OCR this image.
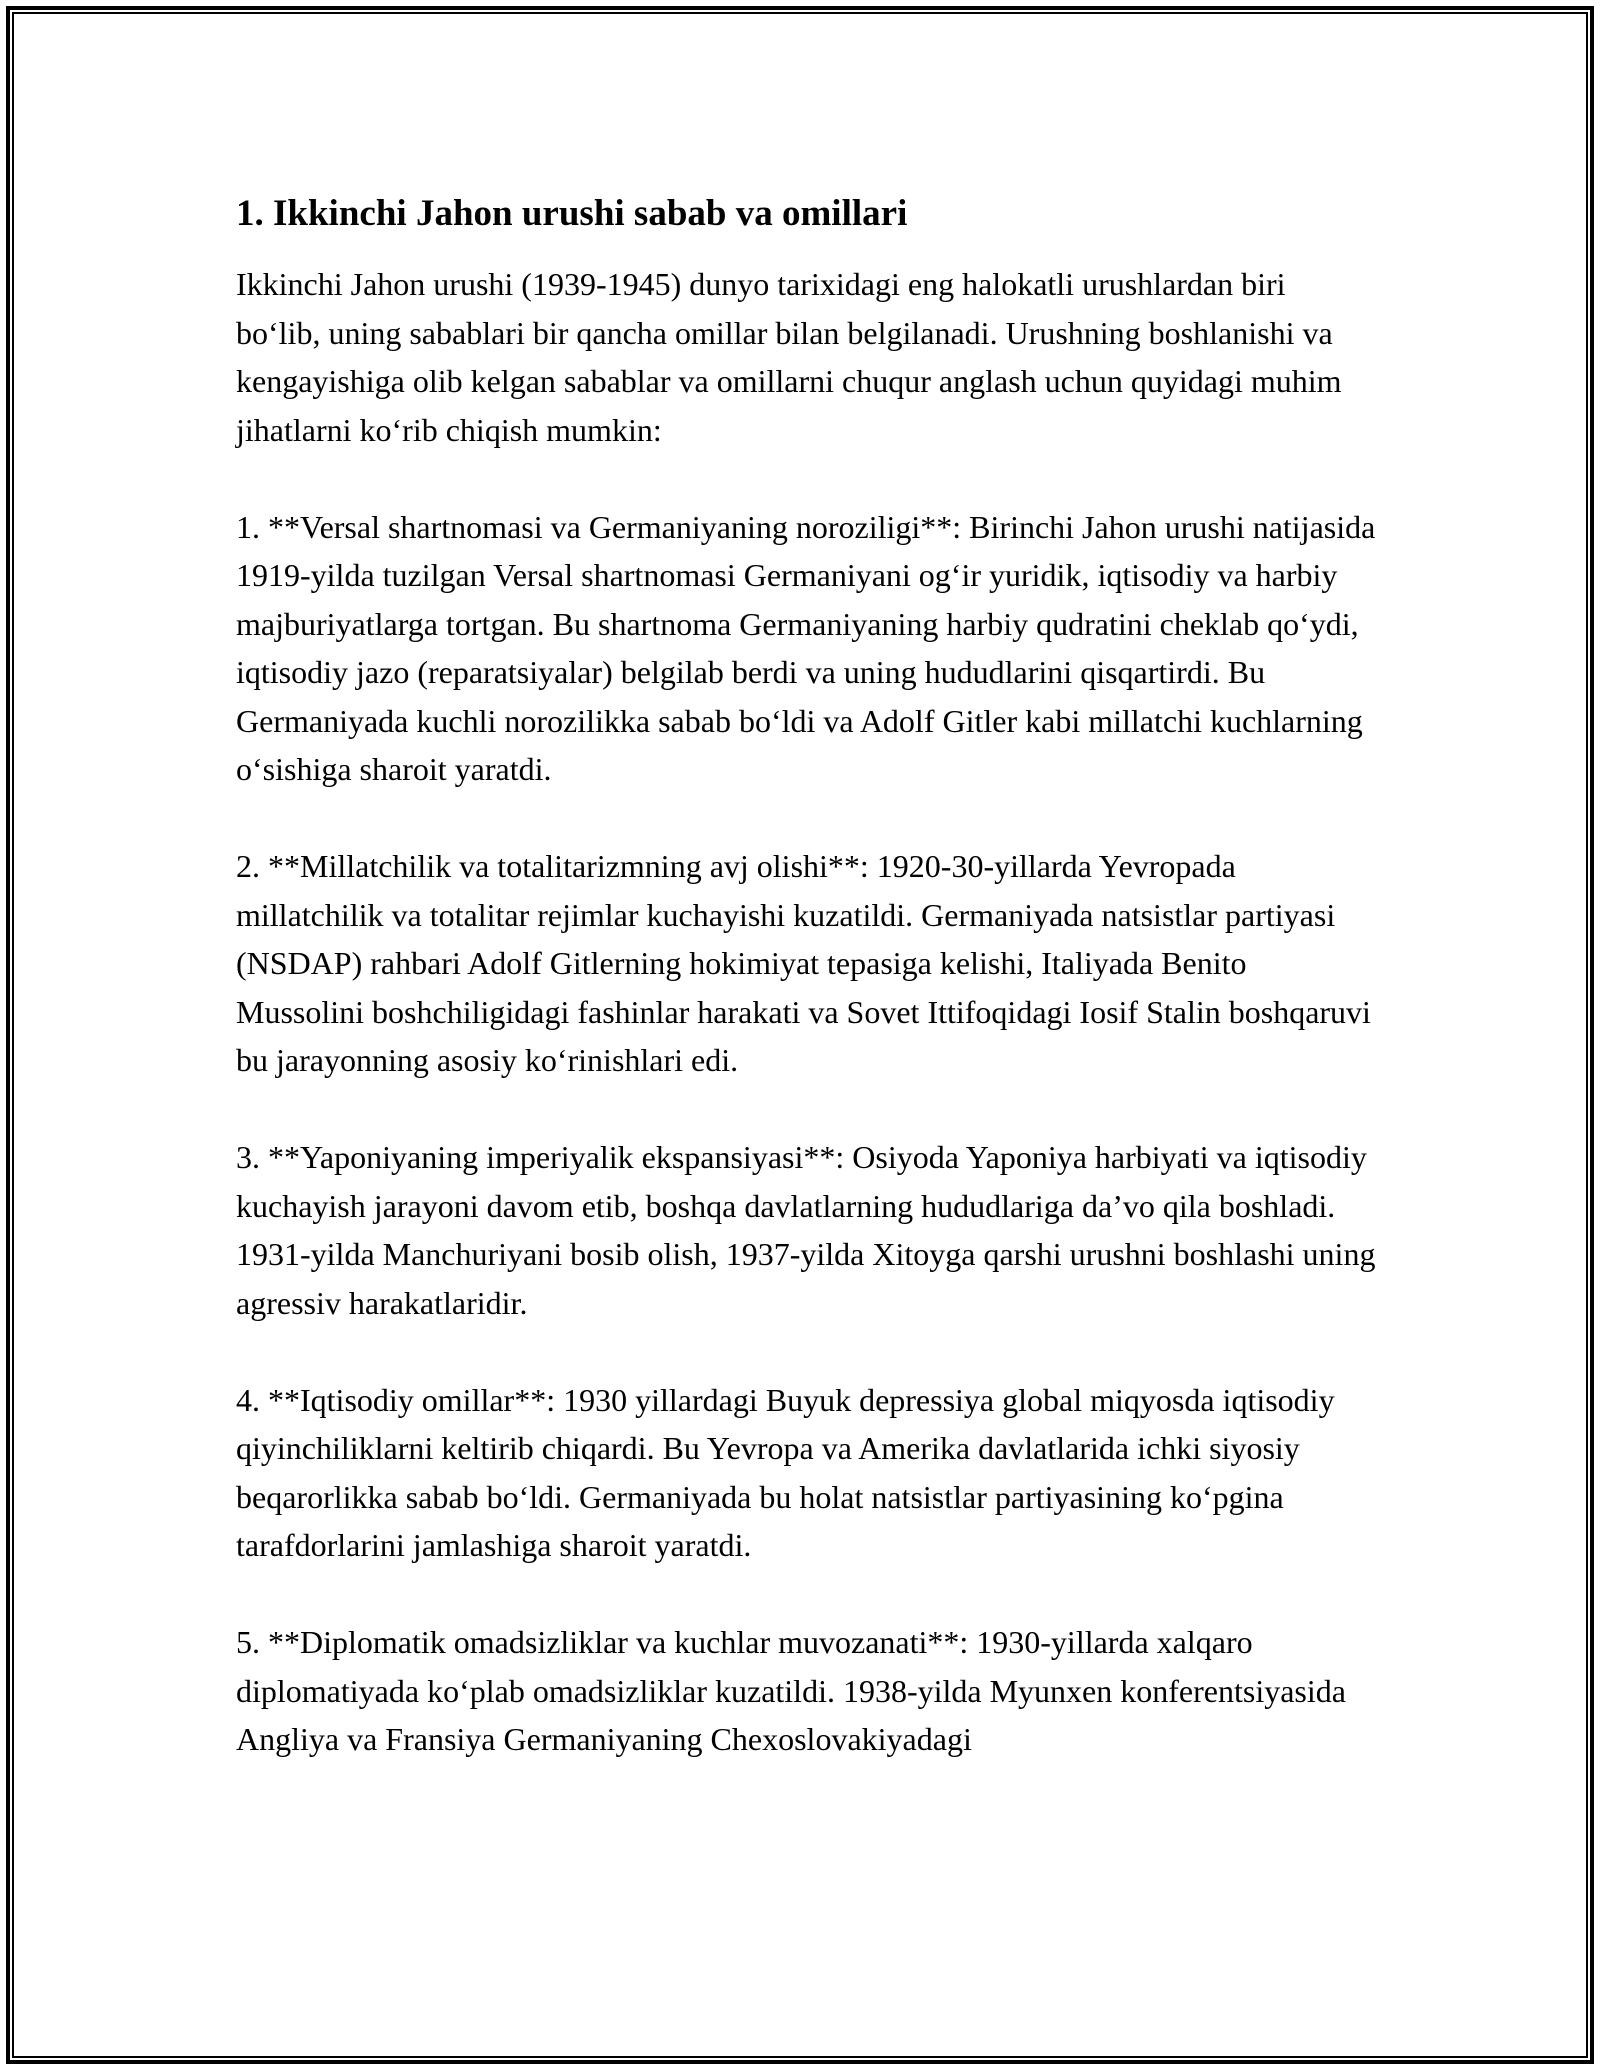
1. Ikkinchi Jahon urushi sabab va omillari

Ikkinchi Jahon urushi (1939-1945) dunyo tarixidagi eng halokatli urushlardan biri bo‘lib, uning sabablari bir qancha omillar bilan belgilanadi. Urushning boshlanishi va kengayishiga olib kelgan sabablar va omillarni chuqur anglash uchun quyidagi muhim jihatlarni ko‘rib chiqish mumkin:

1. **Versal shartnomasi va Germaniyaning noroziligi**: Birinchi Jahon urushi natijasida 1919-yilda tuzilgan Versal shartnomasi Germaniyani og‘ir yuridik, iqtisodiy va harbiy majburiyatlarga tortgan. Bu shartnoma Germaniyaning harbiy qudratini cheklab qo‘ydi, iqtisodiy jazo (reparatsiyalar) belgilab berdi va uning hududlarini qisqartirdi. Bu Germaniyada kuchli norozilikka sabab bo‘ldi va Adolf Gitler kabi millatchi kuchlarning o‘sishiga sharoit yaratdi.

2. **Millatchilik va totalitarizmning avj olishi**: 1920-30-yillarda Yevropada millatchilik va totalitar rejimlar kuchayishi kuzatildi. Germaniyada natsistlar partiyasi (NSDAP) rahbari Adolf Gitlerning hokimiyat tepasiga kelishi, Italiyada Benito Mussolini boshchiligidagi fashinlar harakati va Sovet Ittifoqidagi Iosif Stalin boshqaruvi bu jarayonning asosiy ko‘rinishlari edi.

3. **Yaponiyaning imperiyalik ekspansiyasi**: Osiyoda Yaponiya harbiyati va iqtisodiy kuchayish jarayoni davom etib, boshqa davlatlarning hududlariga da’vo qila boshladi. 1931-yilda Manchuriyani bosib olish, 1937-yilda Xitoyga qarshi urushni boshlashi uning agressiv harakatlaridir.

4. **Iqtisodiy omillar**: 1930 yillardagi Buyuk depressiya global miqyosda iqtisodiy qiyinchiliklarni keltirib chiqardi. Bu Yevropa va Amerika davlatlarida ichki siyosiy beqarorlikka sabab bo‘ldi. Germaniyada bu holat natsistlar partiyasining ko‘pgina tarafdorlarini jamlashiga sharoit yaratdi.

5. **Diplomatik omadsizliklar va kuchlar muvozanati**: 1930-yillarda xalqaro diplomatiyada ko‘plab omadsizliklar kuzatildi. 1938-yilda Myunxen konferentsiyasida Angliya va Fransiya Germaniyaning Chexoslovakiyadagi
